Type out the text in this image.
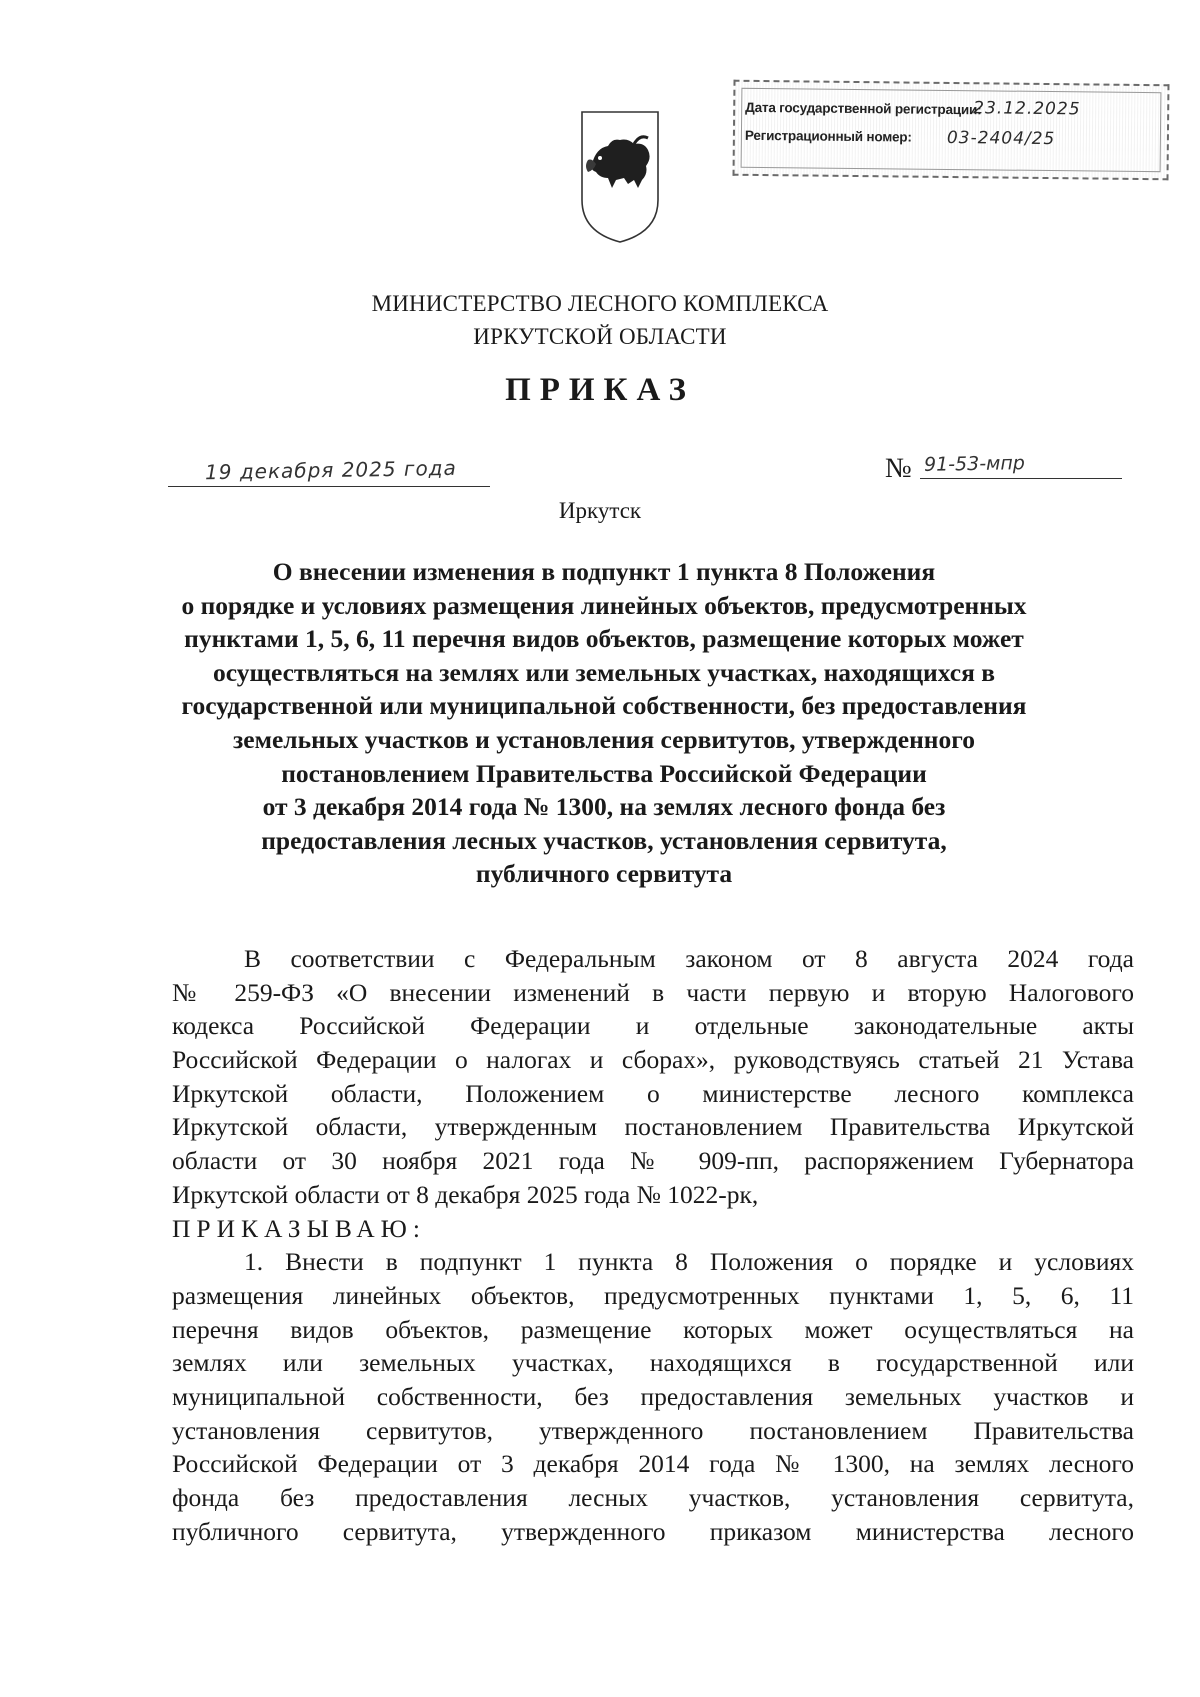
Дата государственной регистрации:
23.12.2025
Регистрационный номер: 03-2404/25
МИНИСТЕРСТВО ЛЕСНОГО КОМПЛЕКСА
ИРКУТСКОЙ ОБЛАСТИ
ПРИКАЗ
19 декабря 2025 года	№ 91-53-мпр
Иркутск
О внесении изменения в подпункт 1 пункта 8 Положения
о порядке и условиях размещения линейных объектов, предусмотренных
пунктами 1, 5, 6, 11 перечня видов объектов, размещение которых может
осуществляться на землях или земельных участках, находящихся в
государственной или муниципальной собственности, без предоставления
земельных участков и установления сервитутов, утвержденного
постановлением Правительства Российской Федерации
от 3 декабря 2014 года № 1300, на землях лесного фонда без
предоставления лесных участков, установления сервитута,
публичного сервитута
В соответствии с Федеральным законом от 8 августа 2024 года
№ 259-ФЗ «О внесении изменений в части первую и вторую Налогового
кодекса Российской Федерации и отдельные законодательные акты
Российской Федерации о налогах и сборах», руководствуясь статьей 21 Устава
Иркутской области, Положением о министерстве лесного комплекса
Иркутской области, утвержденным постановлением Правительства Иркутской
области от 30 ноября 2021 года № 909-пп, распоряжением Губернатора
Иркутской области от 8 декабря 2025 года № 1022-рк,
ПРИКАЗЫВАЮ:
1. Внести в подпункт 1 пункта 8 Положения о порядке и условиях
размещения линейных объектов, предусмотренных пунктами 1, 5, 6, 11
перечня видов объектов, размещение которых может осуществляться на
землях или земельных участках, находящихся в государственной или
муниципальной собственности, без предоставления земельных участков и
установления сервитутов, утвержденного постановлением Правительства
Российской Федерации от 3 декабря 2014 года № 1300, на землях лесного
фонда без предоставления лесных участков, установления сервитута,
публичного сервитута, утвержденного приказом министерства лесного
